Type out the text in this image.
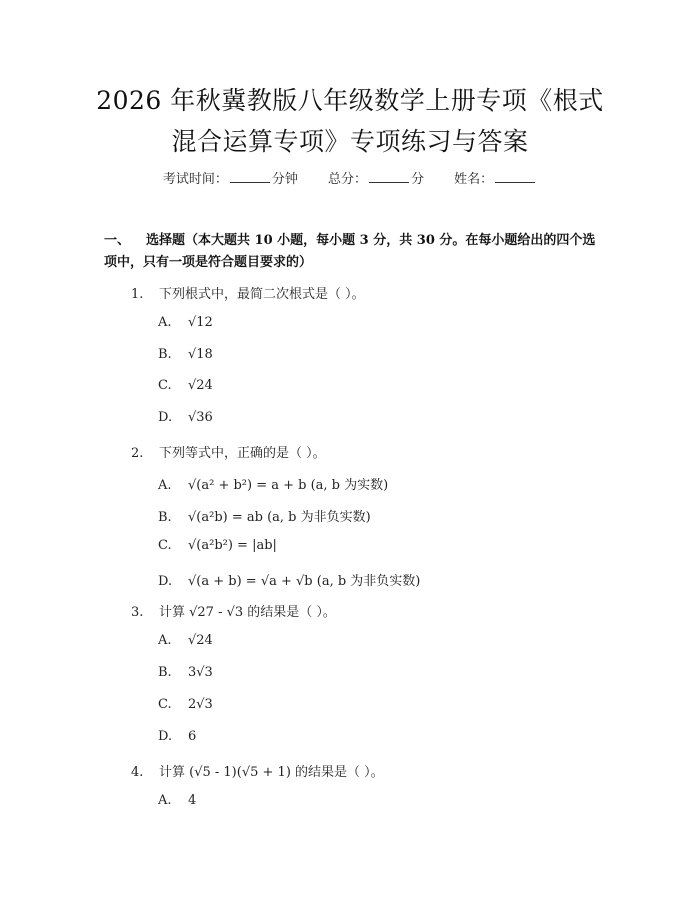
2026 年秋冀教版八年级数学上册专项《根式
混合运算专项》专项练习与答案
考试时间：	分钟 总分：	分 姓名：
一、 选择题（本大题共 10 小题，每小题 3 分，共 30 分。在每小题给出的四个选项中，只有一项是符合题目要求的）
1. 下列根式中，最简二次根式是（ ）。
A. √12
B. √18
C. √24
D. √36
2. 下列等式中，正确的是（ ）。
A. √(a² + b²) = a + b (a, b 为实数)
B. √(a²b) = ab (a, b 为非负实数)
C. √(a²b²) = |ab|
D. √(a + b) = √a + √b (a, b 为非负实数)
3. 计算 √27 - √3 的结果是（ ）。
A. √24
B. 3√3
C. 2√3
D. 6
4. 计算 (√5 - 1)(√5 + 1) 的结果是（ ）。
A. 4
